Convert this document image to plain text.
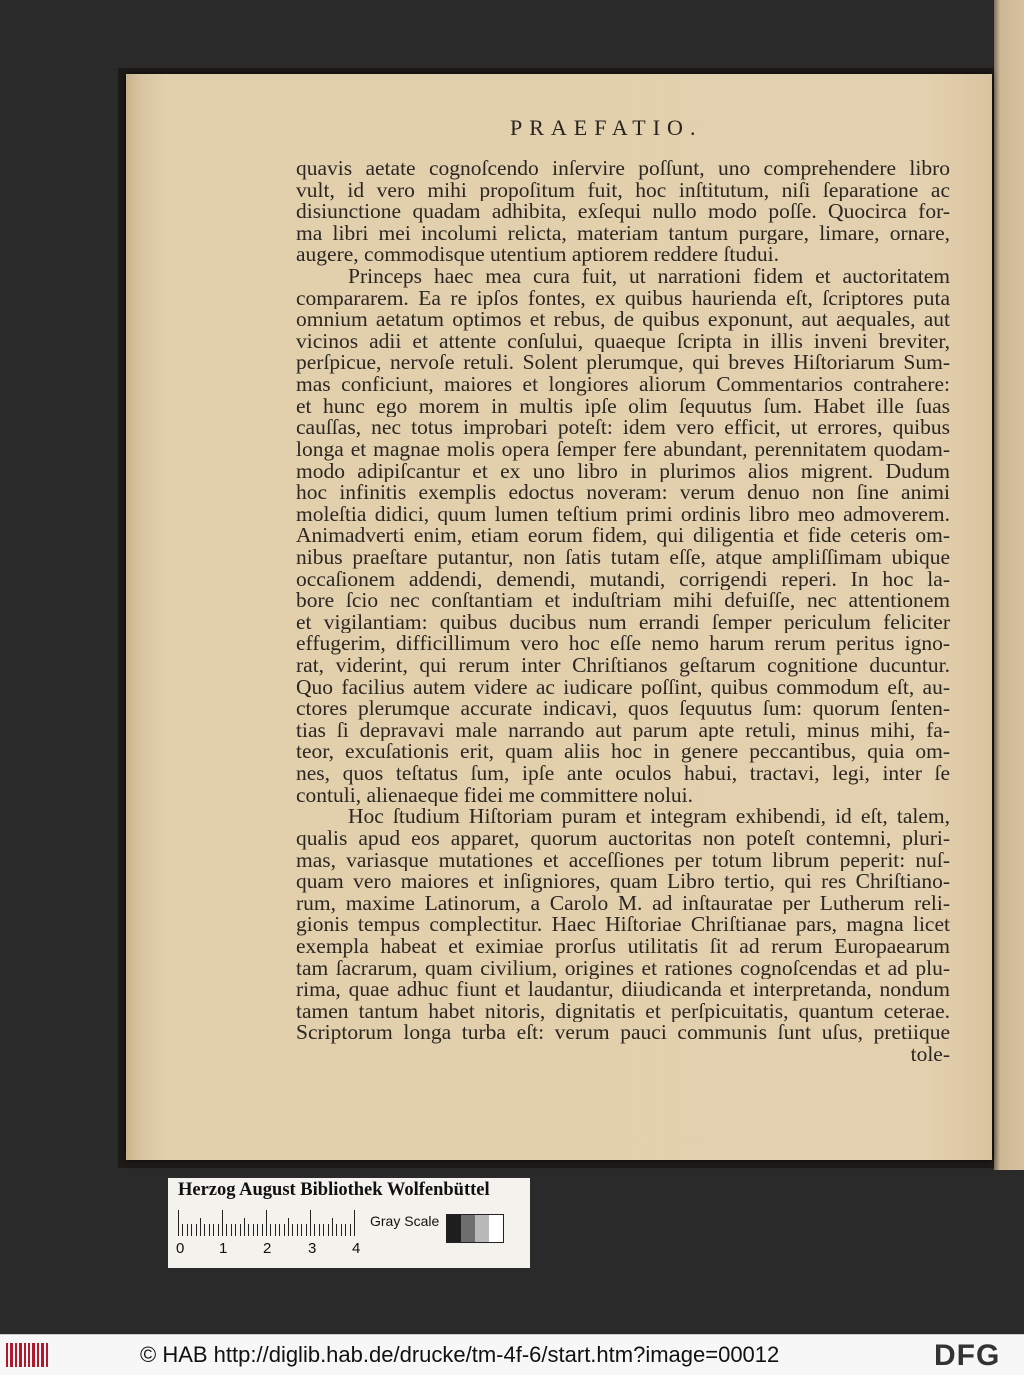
PRAEFATIO.
quavis aetate cognoſcendo inſervire poſſunt, uno comprehendere libro
vult, id vero mihi propoſitum fuit, hoc inſtitutum, niſi ſeparatione ac
disiunctione quadam adhibita, exſequi nullo modo poſſe. Quocirca for-
ma libri mei incolumi relicta, materiam tantum purgare, limare, ornare,
augere, commodisque utentium aptiorem reddere ſtudui.
Princeps haec mea cura fuit, ut narrationi fidem et auctoritatem
compararem. Ea re ipſos fontes, ex quibus haurienda eſt, ſcriptores puta
omnium aetatum optimos et rebus, de quibus exponunt, aut aequales, aut
vicinos adii et attente conſului, quaeque ſcripta in illis inveni breviter,
perſpicue, nervoſe retuli. Solent plerumque, qui breves Hiſtoriarum Sum-
mas conficiunt, maiores et longiores aliorum Commentarios contrahere:
et hunc ego morem in multis ipſe olim ſequutus ſum. Habet ille ſuas
cauſſas, nec totus improbari poteſt: idem vero efficit, ut errores, quibus
longa et magnae molis opera ſemper fere abundant, perennitatem quodam-
modo adipiſcantur et ex uno libro in plurimos alios migrent. Dudum
hoc infinitis exemplis edoctus noveram: verum denuo non ſine animi
moleſtia didici, quum lumen teſtium primi ordinis libro meo admoverem.
Animadverti enim, etiam eorum fidem, qui diligentia et fide ceteris om-
nibus praeſtare putantur, non ſatis tutam eſſe, atque ampliſſimam ubique
occaſionem addendi, demendi, mutandi, corrigendi reperi. In hoc la-
bore ſcio nec conſtantiam et induſtriam mihi defuiſſe, nec attentionem
et vigilantiam: quibus ducibus num errandi ſemper periculum feliciter
effugerim, difficillimum vero hoc eſſe nemo harum rerum peritus igno-
rat, viderint, qui rerum inter Chriſtianos geſtarum cognitione ducuntur.
Quo facilius autem videre ac iudicare poſſint, quibus commodum eſt, au-
ctores plerumque accurate indicavi, quos ſequutus ſum: quorum ſenten-
tias ſi depravavi male narrando aut parum apte retuli, minus mihi, fa-
teor, excuſationis erit, quam aliis hoc in genere peccantibus, quia om-
nes, quos teſtatus ſum, ipſe ante oculos habui, tractavi, legi, inter ſe
contuli, alienaeque fidei me committere nolui.
Hoc ſtudium Hiſtoriam puram et integram exhibendi, id eſt, talem,
qualis apud eos apparet, quorum auctoritas non poteſt contemni, pluri-
mas, variasque mutationes et acceſſiones per totum librum peperit: nuſ-
quam vero maiores et inſigniores, quam Libro tertio, qui res Chriſtiano-
rum, maxime Latinorum, a Carolo M. ad inſtauratae per Lutherum reli-
gionis tempus complectitur. Haec Hiſtoriae Chriſtianae pars, magna licet
exempla habeat et eximiae prorſus utilitatis ſit ad rerum Europaearum
tam ſacrarum, quam civilium, origines et rationes cognoſcendas et ad plu-
rima, quae adhuc fiunt et laudantur, diiudicanda et interpretanda, nondum
tamen tantum habet nitoris, dignitatis et perſpicuitatis, quantum ceterae.
Scriptorum longa turba eſt: verum pauci communis ſunt uſus, pretiique
tole-
Herzog August Bibliothek Wolfenbüttel
Gray Scale
0 1 2 3 4
© HAB http://diglib.hab.de/drucke/tm-4f-6/start.htm?image=00012	DFG
